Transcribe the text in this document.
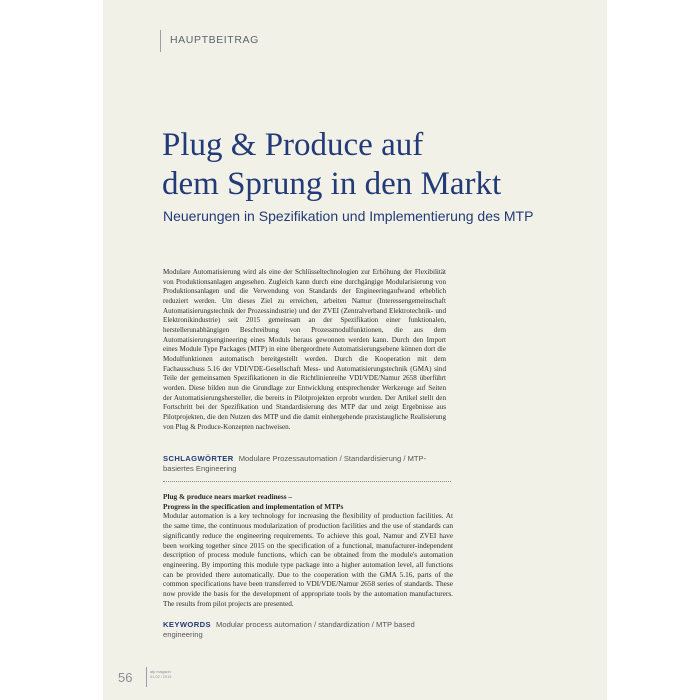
HAUPTBEITRAG
Plug & Produce auf
dem Sprung in den Markt
Neuerungen in Spezifikation und Implementierung des MTP

Modulare Automatisierung wird als eine der Schlüsseltechnologien zur Erhöhung der Flexibilität von Produktionsanlagen angesehen. Zugleich kann durch eine durchgängige Modularisierung von Produktionsanlagen und die Verwendung von Standards der Engineeringaufwand erheblich reduziert werden. Um dieses Ziel zu erreichen, arbeiten Namur (Interessengemeinschaft Automatisierungstechnik der Prozessindustrie) und der ZVEI (Zentralverband Elektrotechnik- und Elektronikindustrie) seit 2015 gemeinsam an der Spezifikation einer funktionalen, herstellerunabhängigen Beschreibung von Prozessmodulfunktionen, die aus dem Automatisierungsengineering eines Moduls heraus gewonnen werden kann. Durch den Import eines Module Type Packages (MTP) in eine übergeordnete Automatisierungsebene können dort die Modulfunktionen automatisch bereitgestellt werden. Durch die Kooperation mit dem Fachausschuss 5.16 der VDI/VDE-Gesellschaft Mess- und Automatisierungstechnik (GMA) sind Teile der gemeinsamen Spezifikationen in die Richtlinienreihe VDI/VDE/Namur 2658 überführt worden. Diese bilden nun die Grundlage zur Entwicklung entsprechender Werkzeuge auf Seiten der Automatisierungshersteller, die bereits in Pilotprojekten erprobt wurden. Der Artikel stellt den Fortschritt bei der Spezifikation und Standardisierung des MTP dar und zeigt Ergebnisse aus Pilotprojekten, die den Nutzen des MTP und die damit einhergehende praxistaugliche Realisierung von Plug & Produce-Konzepten nachweisen.

SCHLAGWÖRTER Modulare Prozessautomation / Standardisierung / MTP-basiertes Engineering

Plug & produce nears market readiness –

Progress in the specification and implementation of MTPs

Modular automation is a key technology for increasing the flexibility of production facilities. At the same time, the continuous modularization of production facilities and the use of standards can significantly reduce the engineering requirements. To achieve this goal, Namur and ZVEI have been working together since 2015 on the specification of a functional, manufacturer-independent description of process module functions, which can be obtained from the module's automation engineering. By importing this module type package into a higher automation level, all functions can be provided there automatically. Due to the cooperation with the GMA 5.16, parts of the common specifications have been transferred to VDI/VDE/Namur 2658 series of standards. These now provide the basis for the development of appropriate tools by the automation manufacturers. The results from pilot projects are presented.

KEYWORDS Modular process automation / standardization / MTP based engineering
56	atp magazin
01-02 / 2019
